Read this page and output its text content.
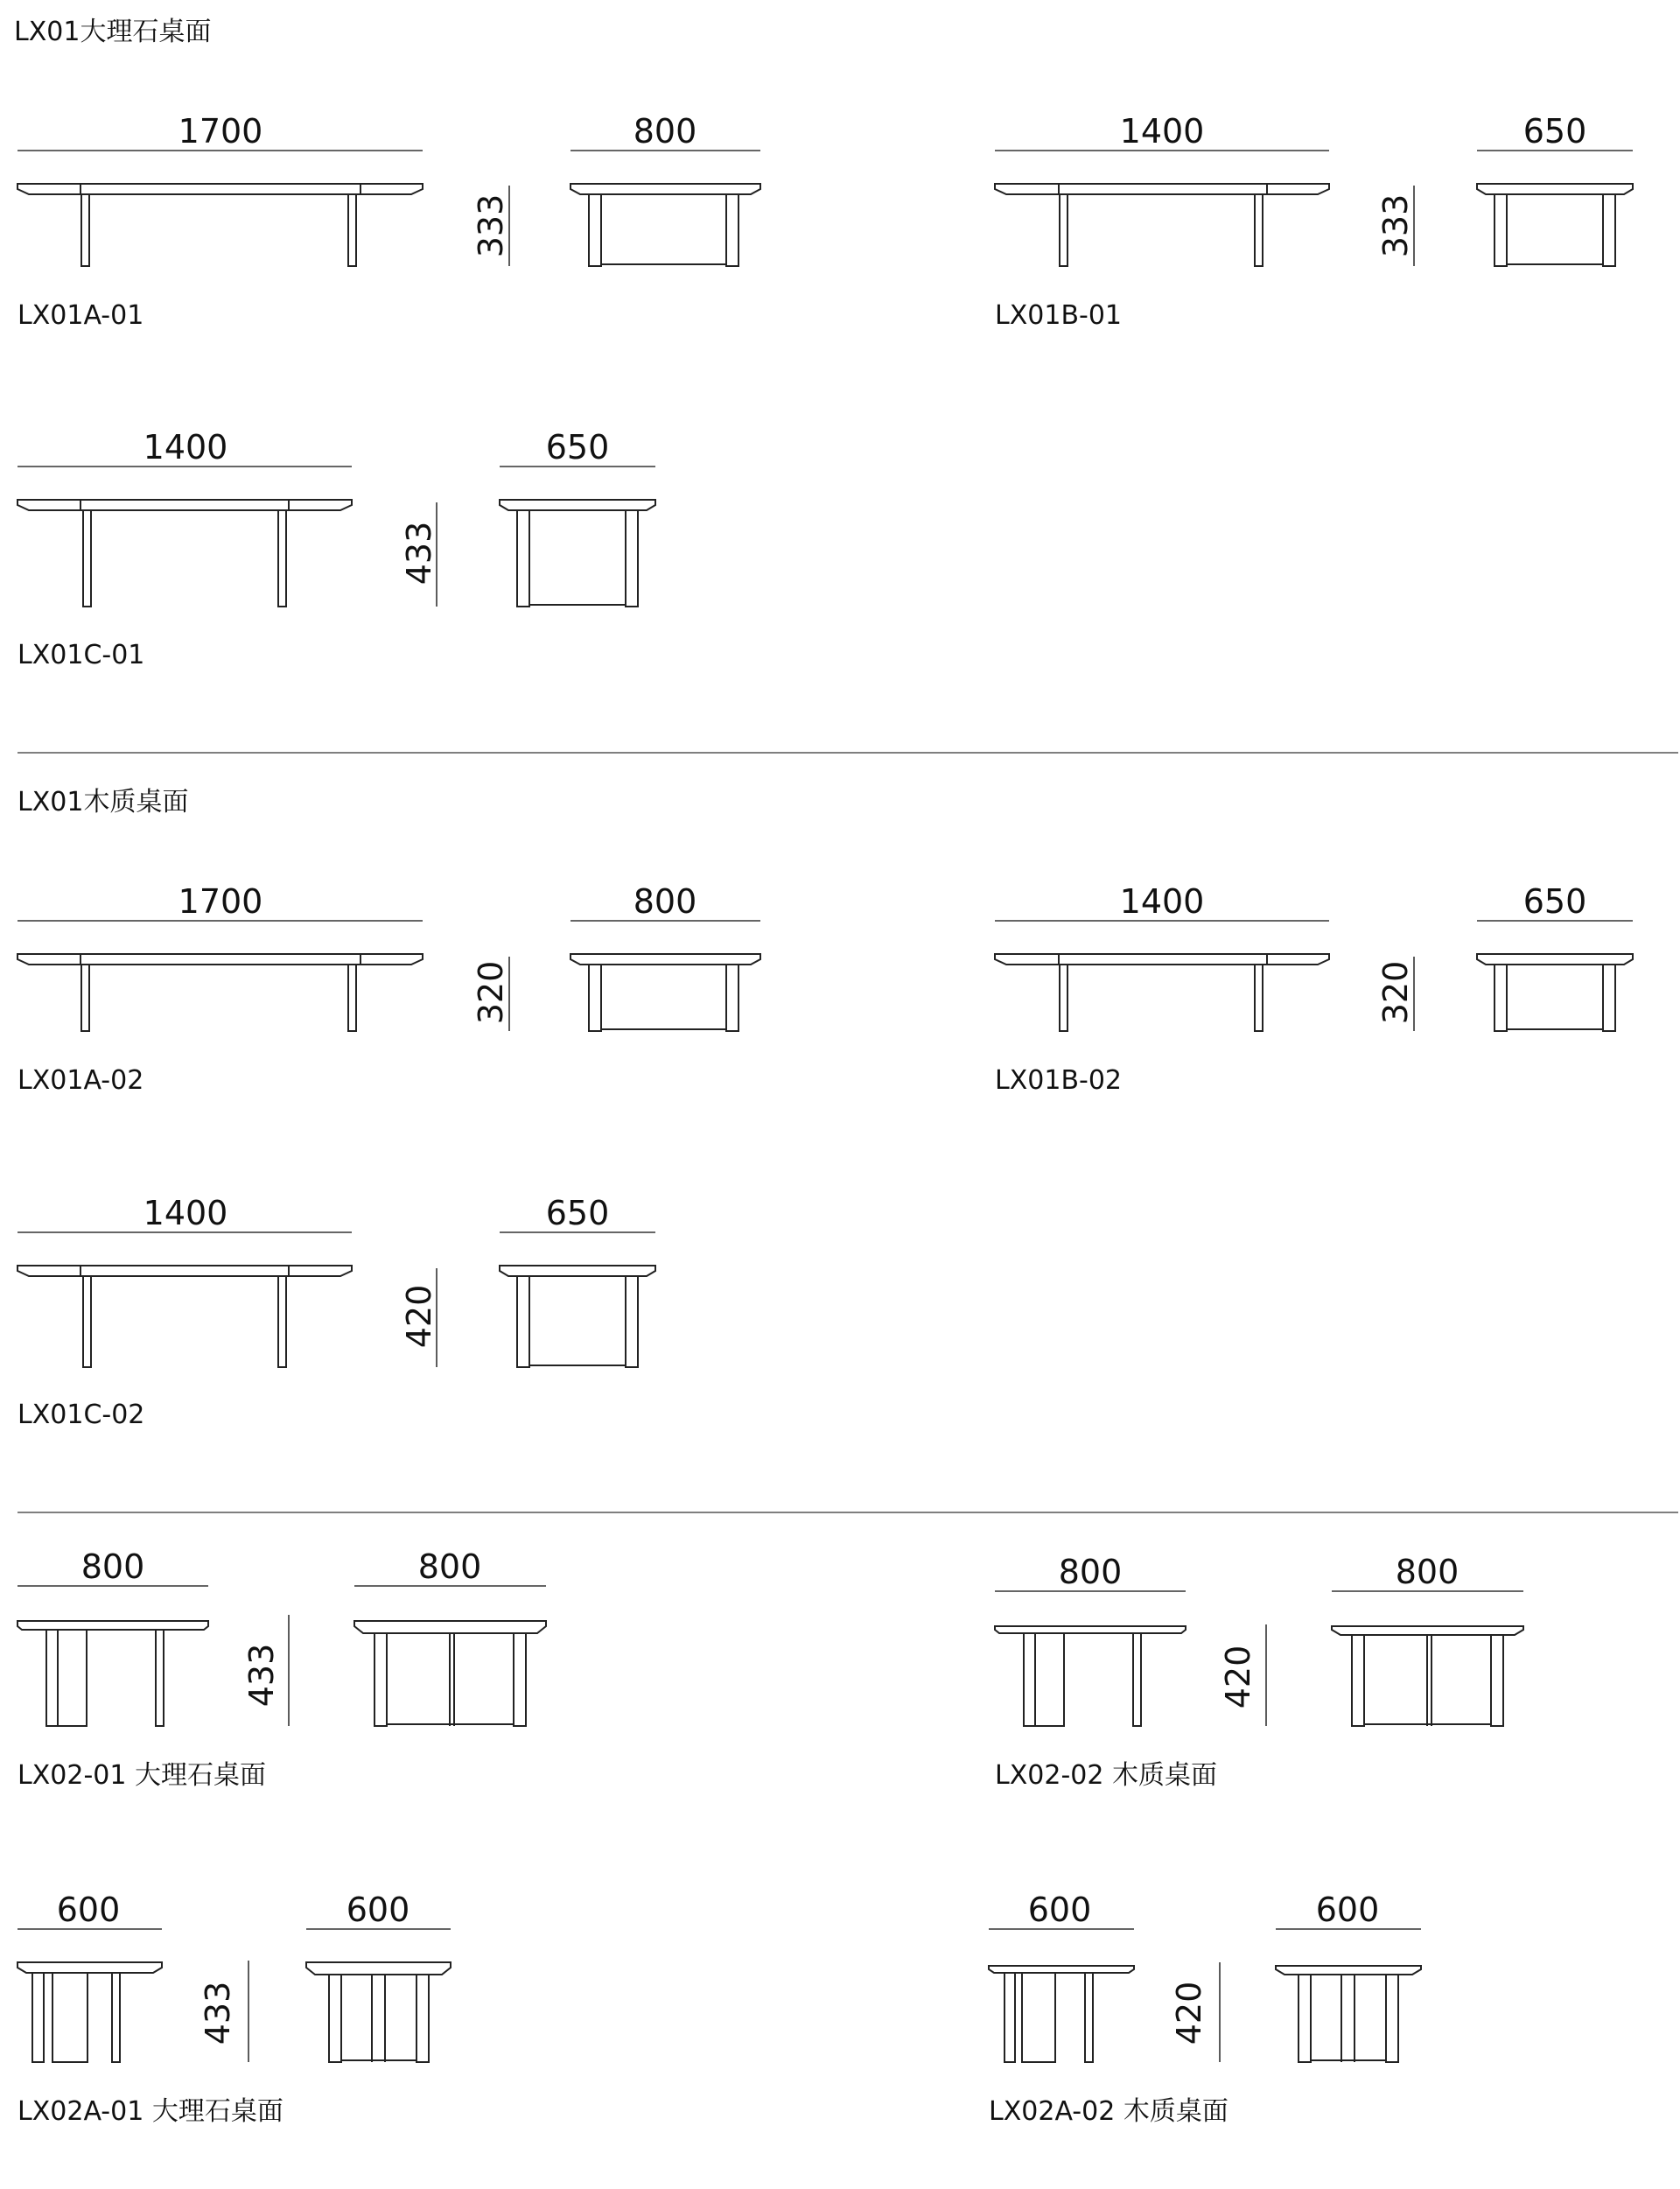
LX01大理石桌面
1700
333
800
LX01A-01
1400
333
650
LX01B-01
1400
433
650
LX01C-01
LX01木质桌面
1700
320
800
LX01A-02
1400
320
650
LX01B-02
1400
420
650
LX01C-02
800
433
800
LX02-01 大理石桌面
800
420
800
LX02-02 木质桌面
600
433
600
LX02A-01 大理石桌面
600
420
600
LX02A-02 木质桌面
